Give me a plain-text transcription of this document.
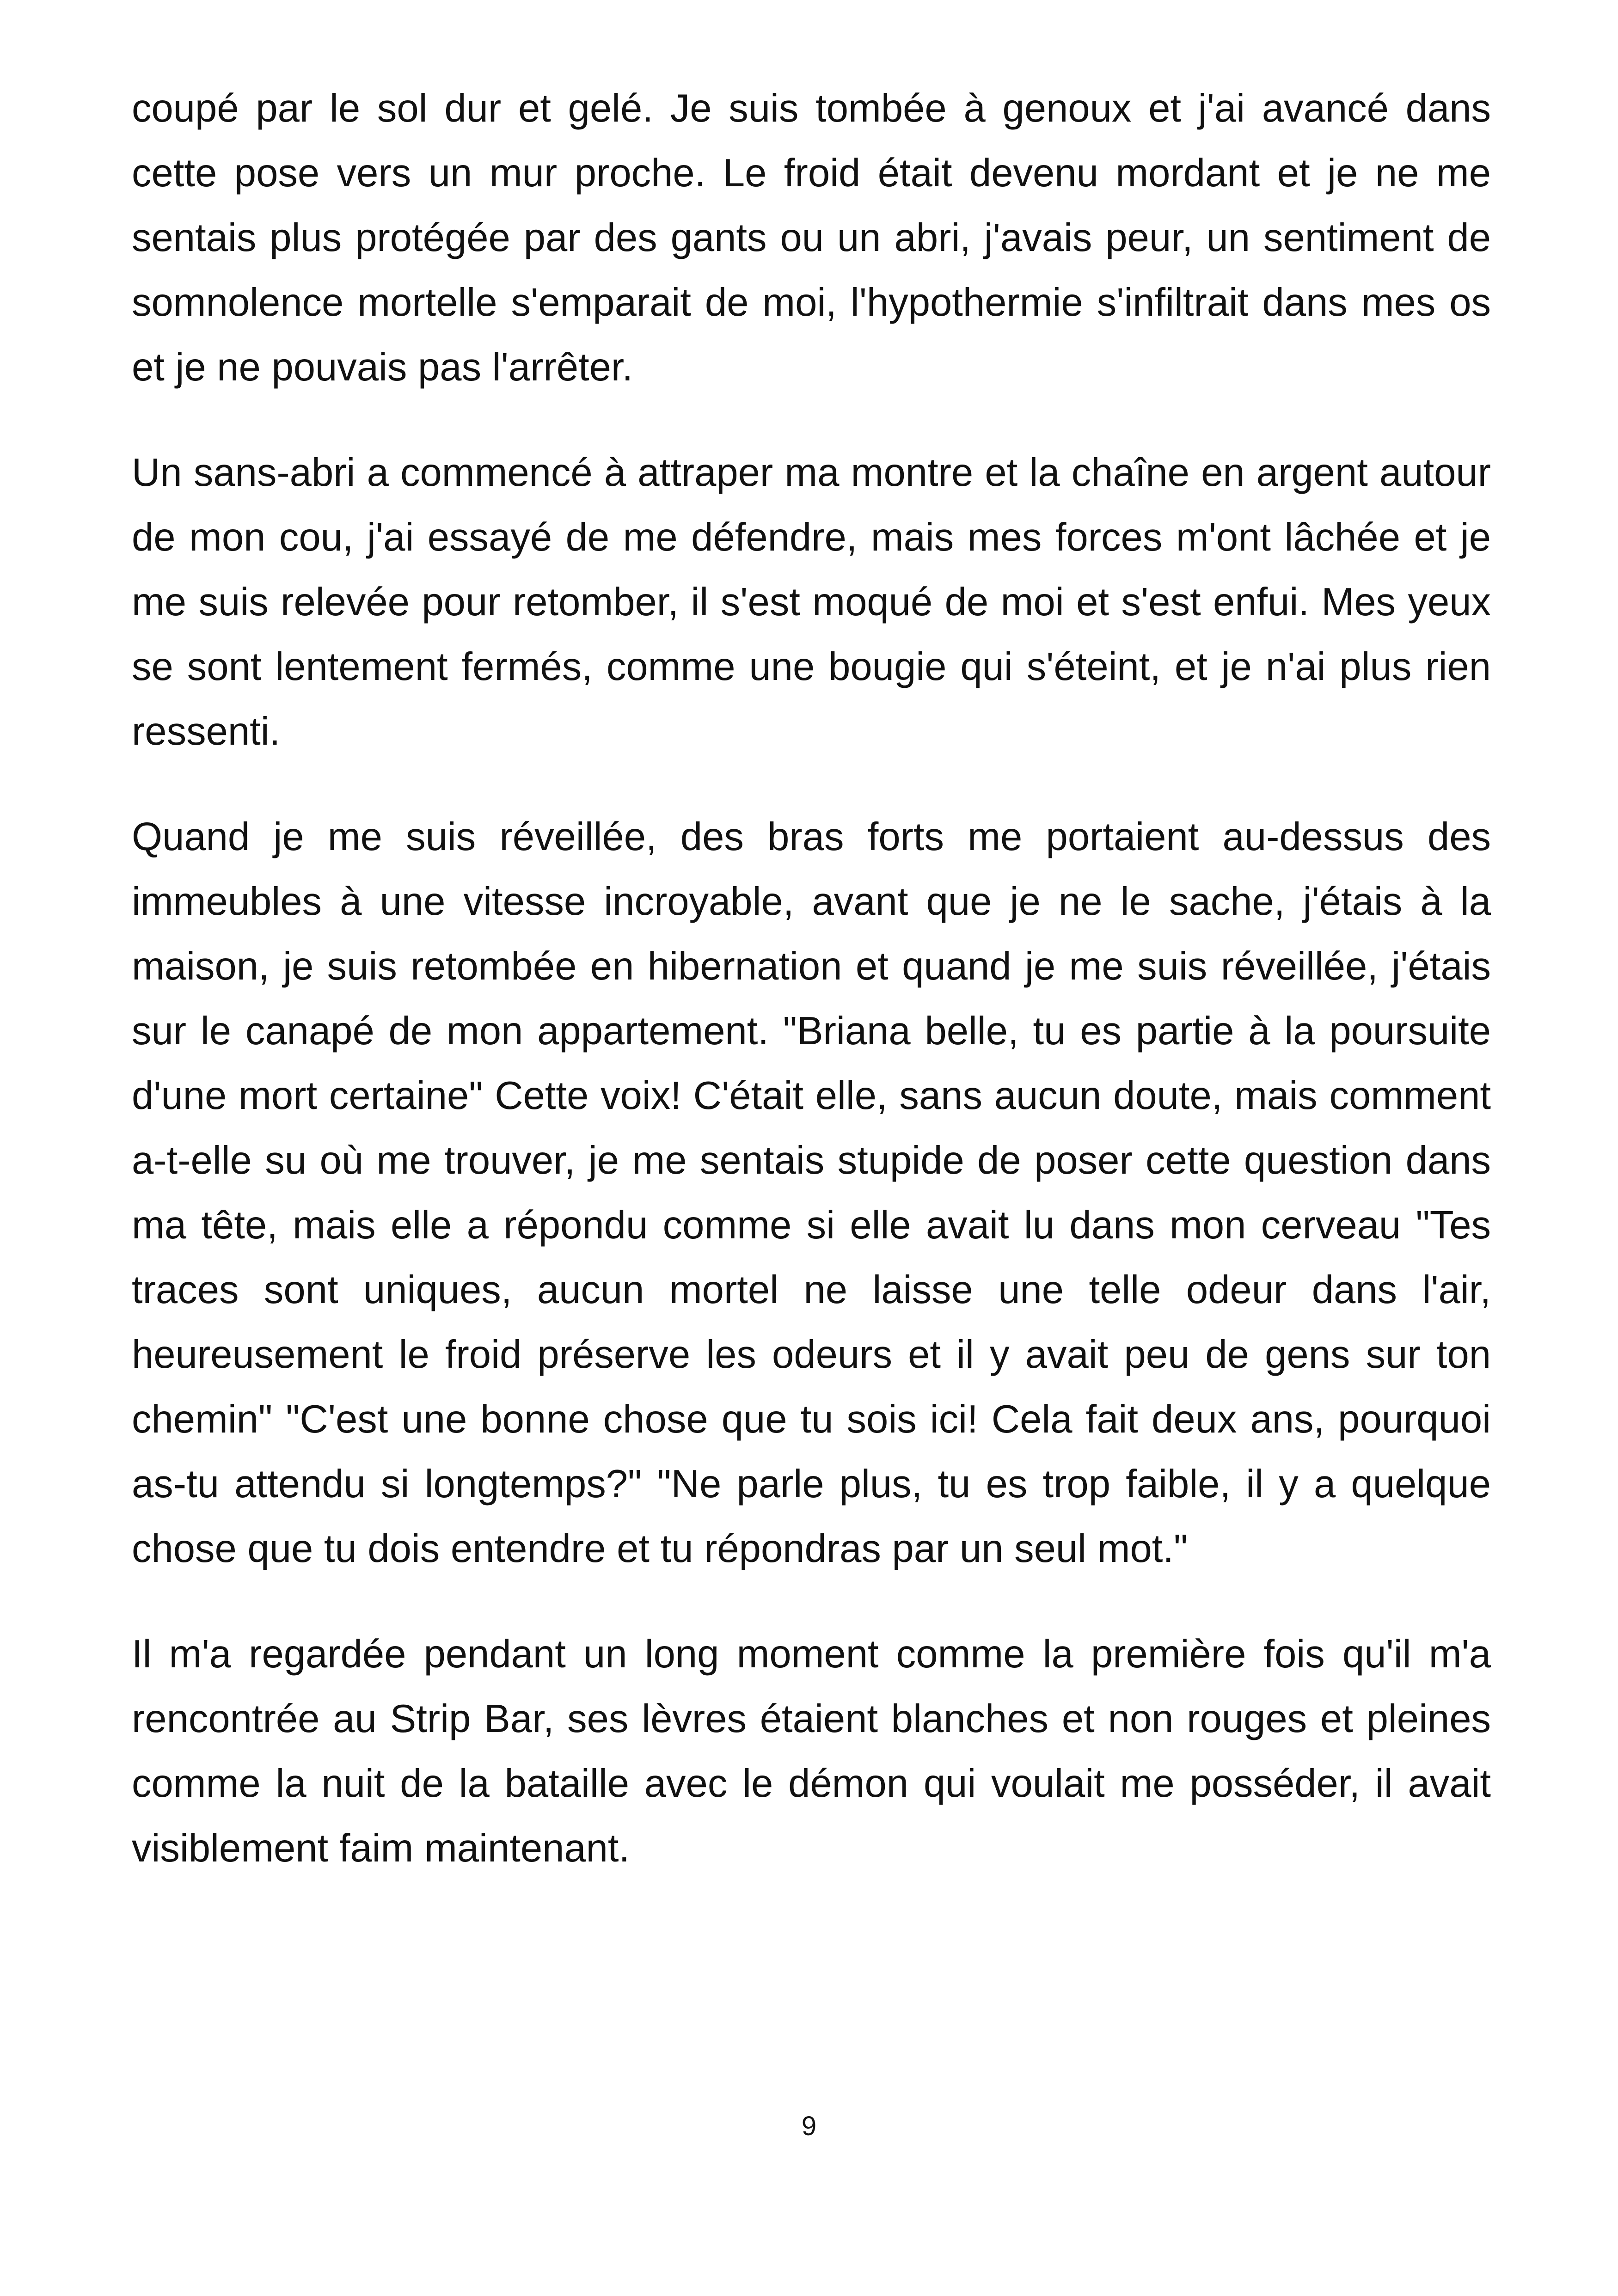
coupé par le sol dur et gelé. Je suis tombée à genoux et j'ai avancé dans cette pose vers un mur proche. Le froid était devenu mordant et je ne me sentais plus protégée par des gants ou un abri, j'avais peur, un sentiment de somnolence mortelle s'emparait de moi, l'hypothermie s'infiltrait dans mes os et je ne pouvais pas l'arrêter.

Un sans-abri a commencé à attraper ma montre et la chaîne en argent autour de mon cou, j'ai essayé de me défendre, mais mes forces m'ont lâchée et je me suis relevée pour retomber, il s'est moqué de moi et s'est enfui. Mes yeux se sont lentement fermés, comme une bougie qui s'éteint, et je n'ai plus rien ressenti.

Quand je me suis réveillée, des bras forts me portaient au-dessus des immeubles à une vitesse incroyable, avant que je ne le sache, j'étais à la maison, je suis retombée en hibernation et quand je me suis réveillée, j'étais sur le canapé de mon appartement. "Briana belle, tu es partie à la poursuite d'une mort certaine" Cette voix! C'était elle, sans aucun doute, mais comment a-t-elle su où me trouver, je me sentais stupide de poser cette question dans ma tête, mais elle a répondu comme si elle avait lu dans mon cerveau "Tes traces sont uniques, aucun mortel ne laisse une telle odeur dans l'air, heureusement le froid préserve les odeurs et il y avait peu de gens sur ton chemin" "C'est une bonne chose que tu sois ici! Cela fait deux ans, pourquoi as-tu attendu si longtemps?" "Ne parle plus, tu es trop faible, il y a quelque chose que tu dois entendre et tu répondras par un seul mot."

Il m'a regardée pendant un long moment comme la première fois qu'il m'a rencontrée au Strip Bar, ses lèvres étaient blanches et non rouges et pleines comme la nuit de la bataille avec le démon qui voulait me posséder, il avait visiblement faim maintenant.

9
